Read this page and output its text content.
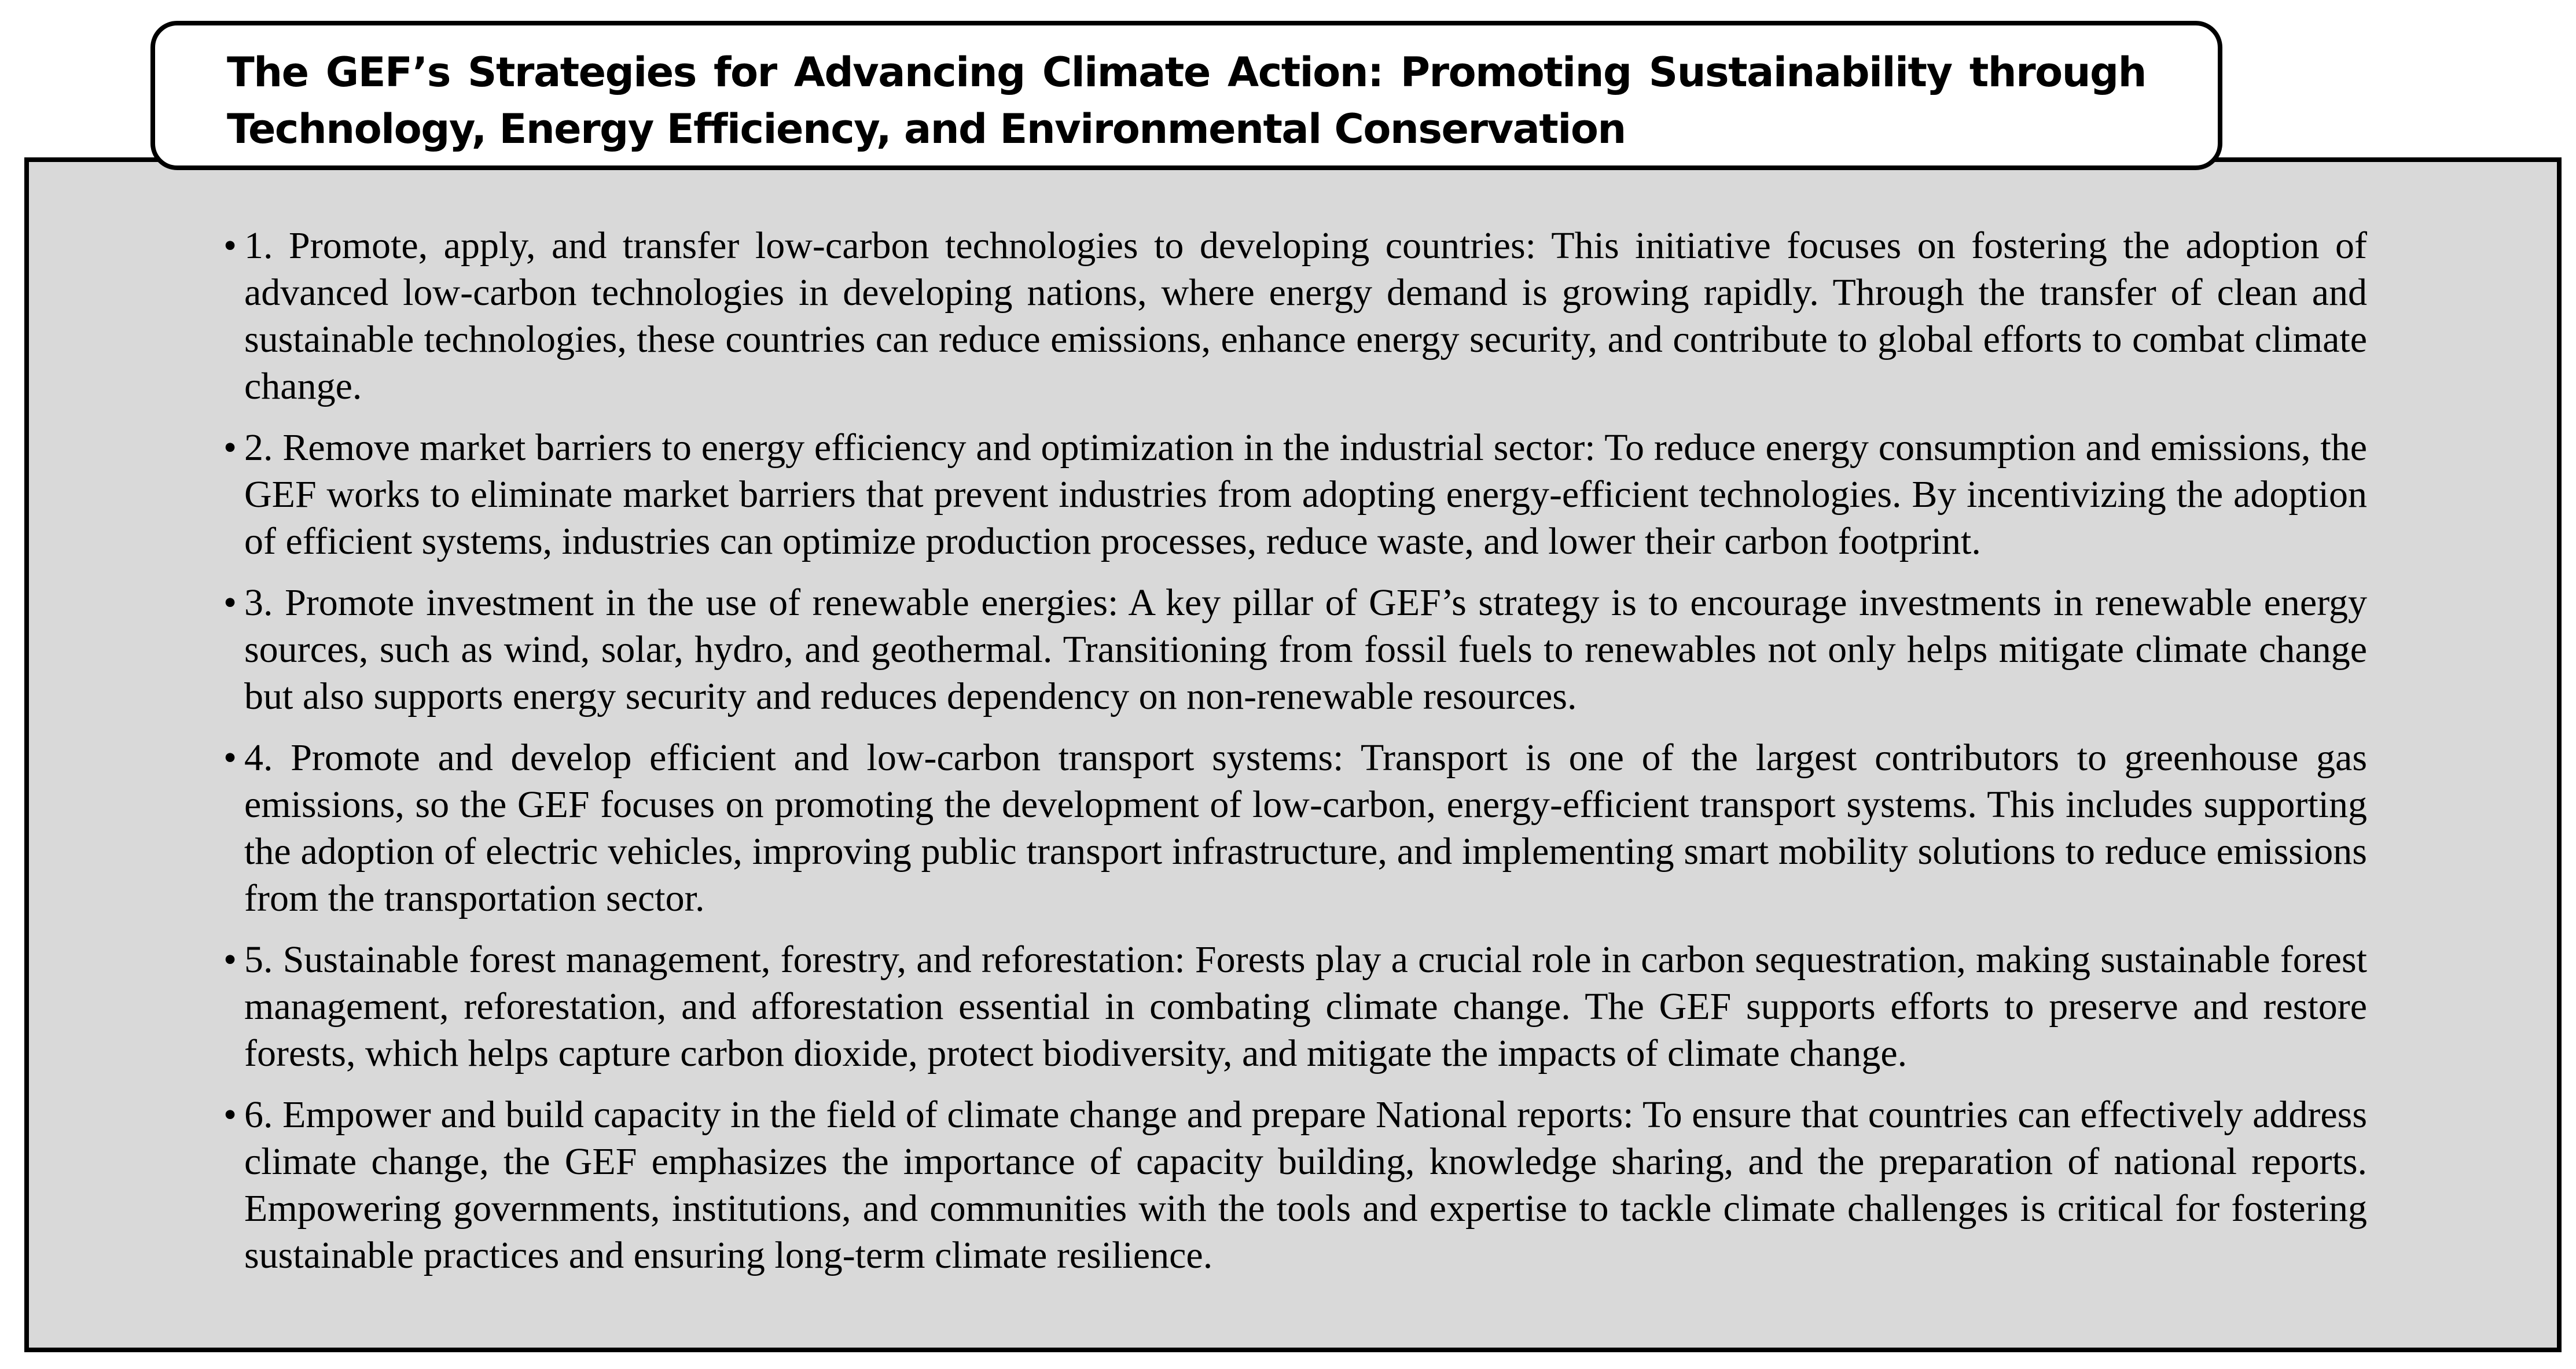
The GEF’s Strategies for Advancing Climate Action: Promoting Sustainability through Technology, Energy Efficiency, and Environmental Conservation

• 1. Promote, apply, and transfer low-carbon technologies to developing countries: This initiative focuses on fostering the adoption of advanced low-carbon technologies in developing nations, where energy demand is growing rapidly. Through the transfer of clean and sustainable technologies, these countries can reduce emissions, enhance energy security, and contribute to global efforts to combat climate change.
• 2. Remove market barriers to energy efficiency and optimization in the industrial sector: To reduce energy consumption and emissions, the GEF works to eliminate market barriers that prevent industries from adopting energy-efficient technologies. By incentivizing the adoption of efficient systems, industries can optimize production processes, reduce waste, and lower their carbon footprint.
• 3. Promote investment in the use of renewable energies: A key pillar of GEF’s strategy is to encourage investments in renewable energy sources, such as wind, solar, hydro, and geothermal. Transitioning from fossil fuels to renewables not only helps mitigate climate change but also supports energy security and reduces dependency on non-renewable resources.
• 4. Promote and develop efficient and low-carbon transport systems: Transport is one of the largest contributors to greenhouse gas emissions, so the GEF focuses on promoting the development of low-carbon, energy-efficient transport systems. This includes supporting the adoption of electric vehicles, improving public transport infrastructure, and implementing smart mobility solutions to reduce emissions from the transportation sector.
• 5. Sustainable forest management, forestry, and reforestation: Forests play a crucial role in carbon sequestration, making sustainable forest management, reforestation, and afforestation essential in combating climate change. The GEF supports efforts to preserve and restore forests, which helps capture carbon dioxide, protect biodiversity, and mitigate the impacts of climate change.
• 6. Empower and build capacity in the field of climate change and prepare National reports: To ensure that countries can effectively address climate change, the GEF emphasizes the importance of capacity building, knowledge sharing, and the preparation of national reports. Empowering governments, institutions, and communities with the tools and expertise to tackle climate challenges is critical for fostering sustainable practices and ensuring long-term climate resilience.
